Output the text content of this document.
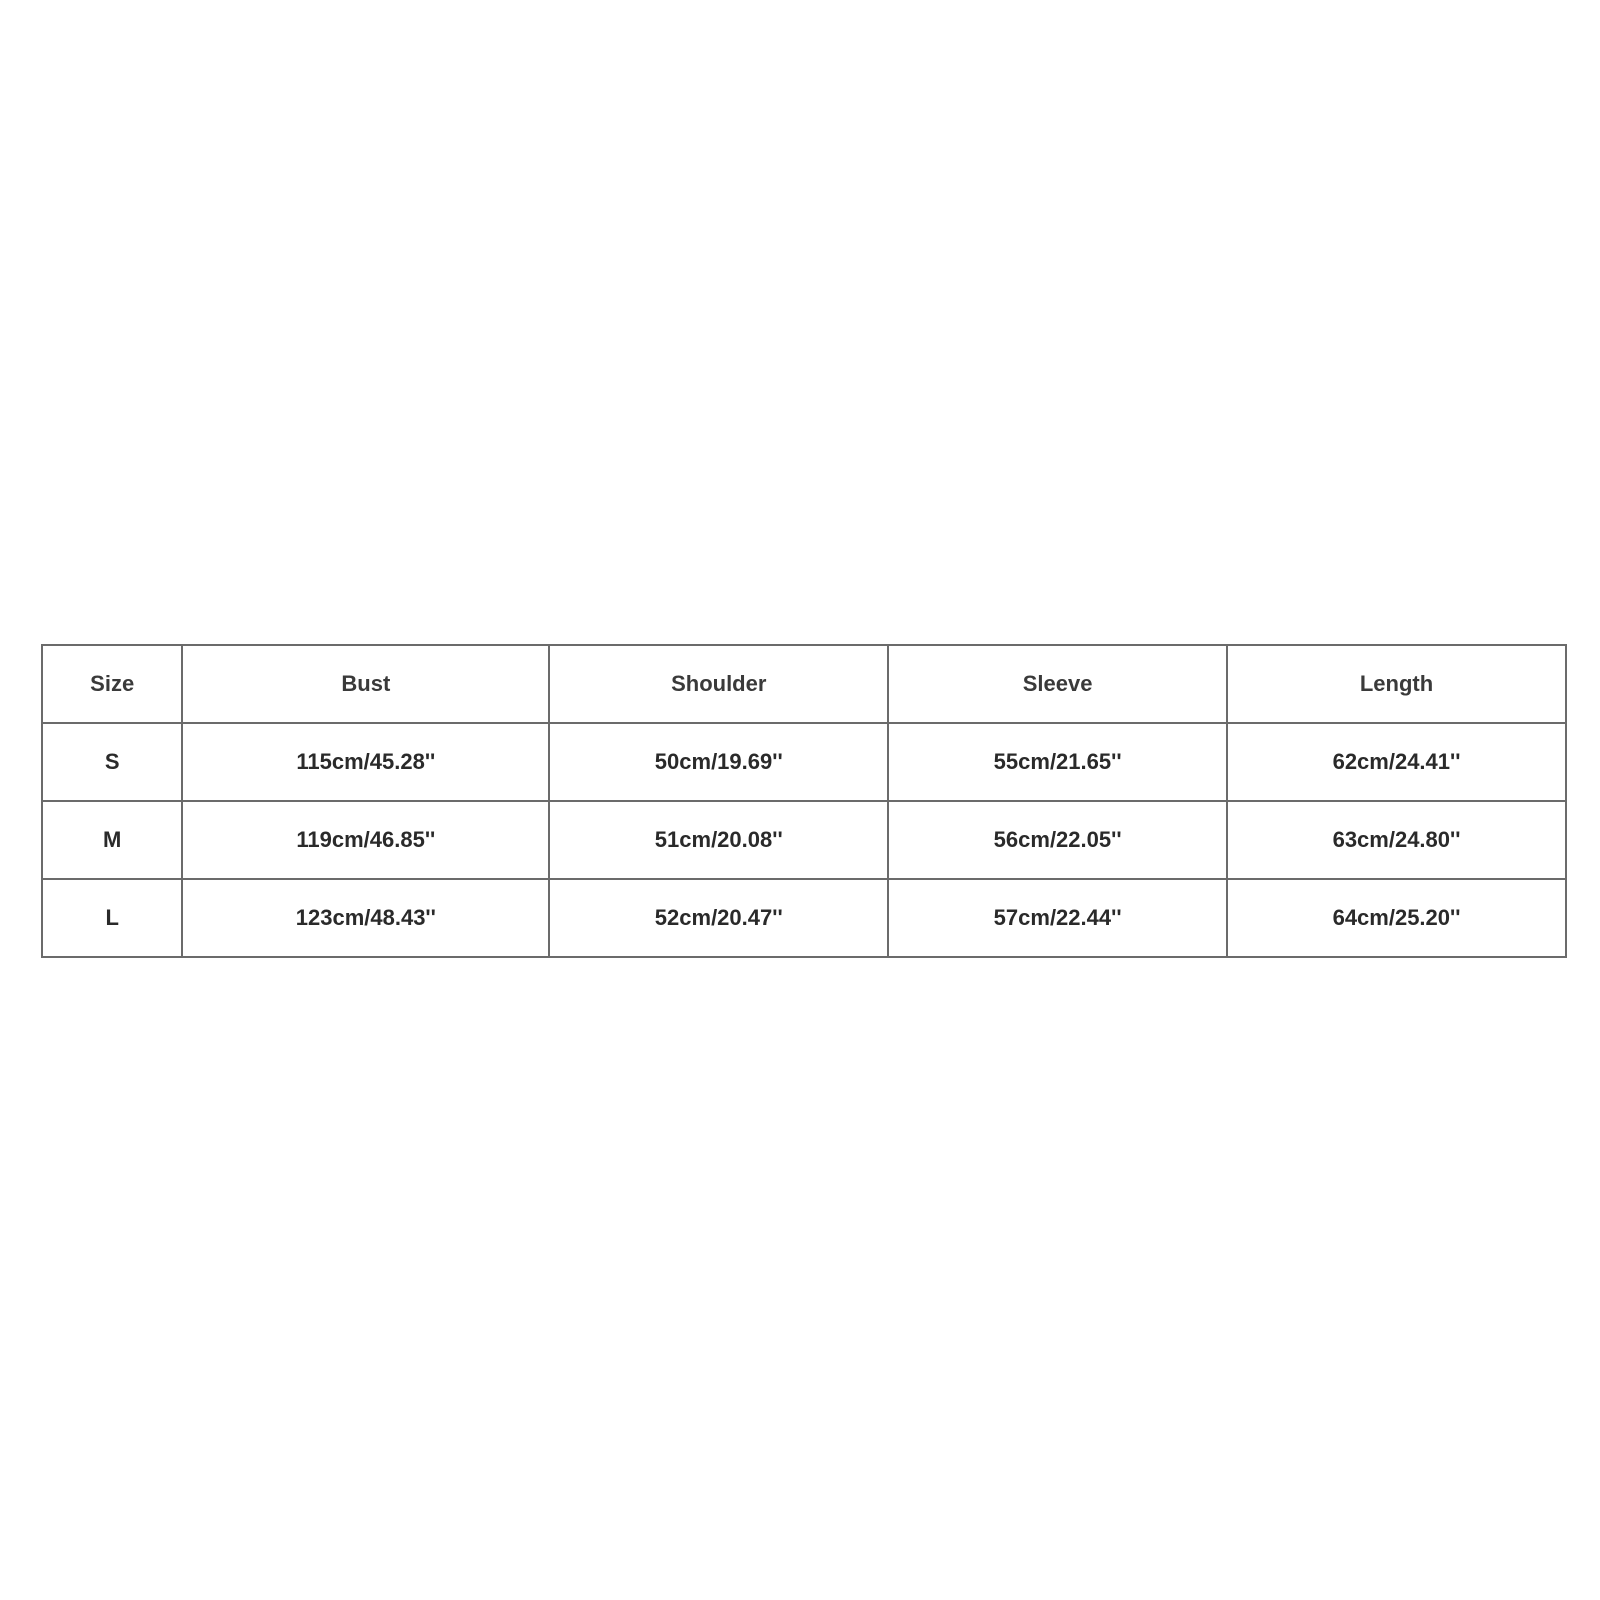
Size	Bust	Shoulder	Sleeve	Length
S	115cm/45.28''	50cm/19.69''	55cm/21.65''	62cm/24.41''
M	119cm/46.85''	51cm/20.08''	56cm/22.05''	63cm/24.80''
L	123cm/48.43''	52cm/20.47''	57cm/22.44''	64cm/25.20''
